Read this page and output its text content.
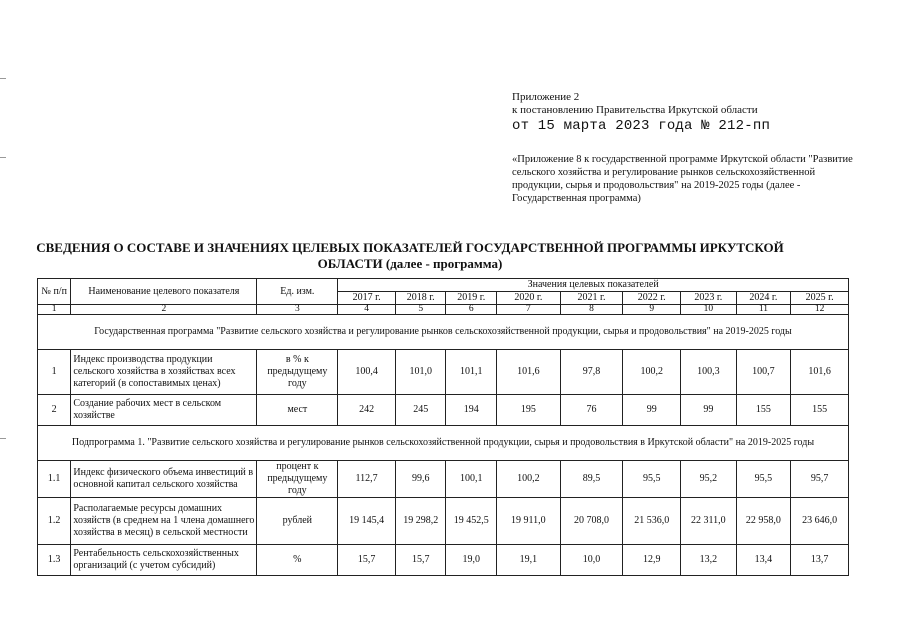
Приложение 2
к постановлению Правительства Иркутской области
от 15 марта 2023 года № 212-пп
«Приложение 8 к государственной программе Иркутской области "Развитие сельского хозяйства и регулирование рынков сельскохозяйственной продукции, сырья и продовольствия" на 2019-2025 годы (далее - Государственная программа)
СВЕДЕНИЯ О СОСТАВЕ И ЗНАЧЕНИЯХ ЦЕЛЕВЫХ ПОКАЗАТЕЛЕЙ ГОСУДАРСТВЕННОЙ ПРОГРАММЫ ИРКУТСКОЙ ОБЛАСТИ (далее - программа)
№ п/п	Наименование целевого показателя	Ед. изм.	Значения целевых показателей								
			2017 г.	2018 г.	2019 г.	2020 г.	2021 г.	2022 г.	2023 г.	2024 г.	2025 г.
1	2	3	4	5	6	7	8	9	10	11	12
Государственная программа "Развитие сельского хозяйства и регулирование рынков сельскохозяйственной продукции, сырья и продовольствия" на 2019-2025 годы											
1	Индекс производства продукции сельского хозяйства в хозяйствах всех категорий (в сопоставимых ценах)	в % к предыдущему году	100,4	101,0	101,1	101,6	97,8	100,2	100,3	100,7	101,6
2	Создание рабочих мест в сельском хозяйстве	мест	242	245	194	195	76	99	99	155	155
Подпрограмма 1. "Развитие сельского хозяйства и регулирование рынков сельскохозяйственной продукции, сырья и продовольствия в Иркутской области" на 2019-2025 годы											
1.1	Индекс физического объема инвестиций в основной капитал сельского хозяйства	процент к предыдущему году	112,7	99,6	100,1	100,2	89,5	95,5	95,2	95,5	95,7
1.2	Располагаемые ресурсы домашних хозяйств (в среднем на 1 члена домашнего хозяйства в месяц) в сельской местности	рублей	19 145,4	19 298,2	19 452,5	19 911,0	20 708,0	21 536,0	22 311,0	22 958,0	23 646,0
1.3	Рентабельность сельскохозяйственных организаций (с учетом субсидий)	%	15,7	15,7	19,0	19,1	10,0	12,9	13,2	13,4	13,7
